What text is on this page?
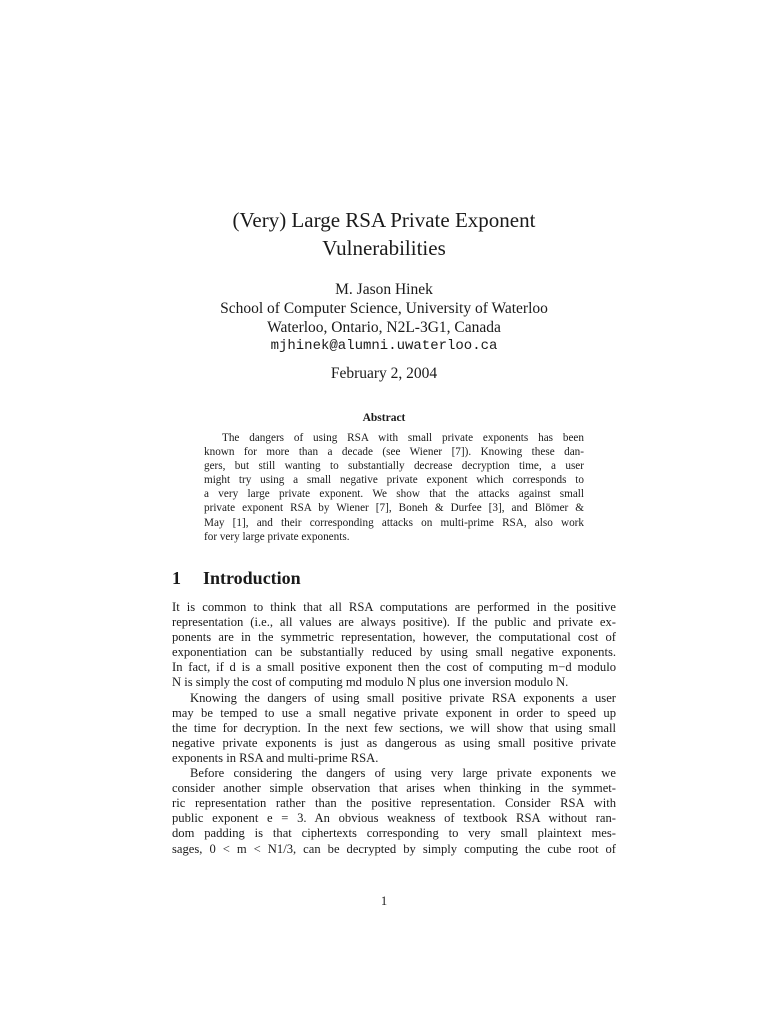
(Very) Large RSA Private Exponent
Vulnerabilities
M. Jason Hinek
School of Computer Science, University of Waterloo
Waterloo, Ontario, N2L-3G1, Canada
mjhinek@alumni.uwaterloo.ca
February 2, 2004
Abstract
The dangers of using RSA with small private exponents has been
known for more than a decade (see Wiener [7]). Knowing these dan-
gers, but still wanting to substantially decrease decryption time, a user
might try using a small negative private exponent which corresponds to
a very large private exponent. We show that the attacks against small
private exponent RSA by Wiener [7], Boneh & Durfee [3], and Blömer &
May [1], and their corresponding attacks on multi-prime RSA, also work
for very large private exponents.
1 Introduction
It is common to think that all RSA computations are performed in the positive
representation (i.e., all values are always positive). If the public and private ex-
ponents are in the symmetric representation, however, the computational cost of
exponentiation can be substantially reduced by using small negative exponents.
In fact, if d is a small positive exponent then the cost of computing m−d modulo
N is simply the cost of computing md modulo N plus one inversion modulo N.
Knowing the dangers of using small positive private RSA exponents a user
may be temped to use a small negative private exponent in order to speed up
the time for decryption. In the next few sections, we will show that using small
negative private exponents is just as dangerous as using small positive private
exponents in RSA and multi-prime RSA.
Before considering the dangers of using very large private exponents we
consider another simple observation that arises when thinking in the symmet-
ric representation rather than the positive representation. Consider RSA with
public exponent e = 3. An obvious weakness of textbook RSA without ran-
dom padding is that ciphertexts corresponding to very small plaintext mes-
sages, 0 < m < N1/3, can be decrypted by simply computing the cube root of
1
